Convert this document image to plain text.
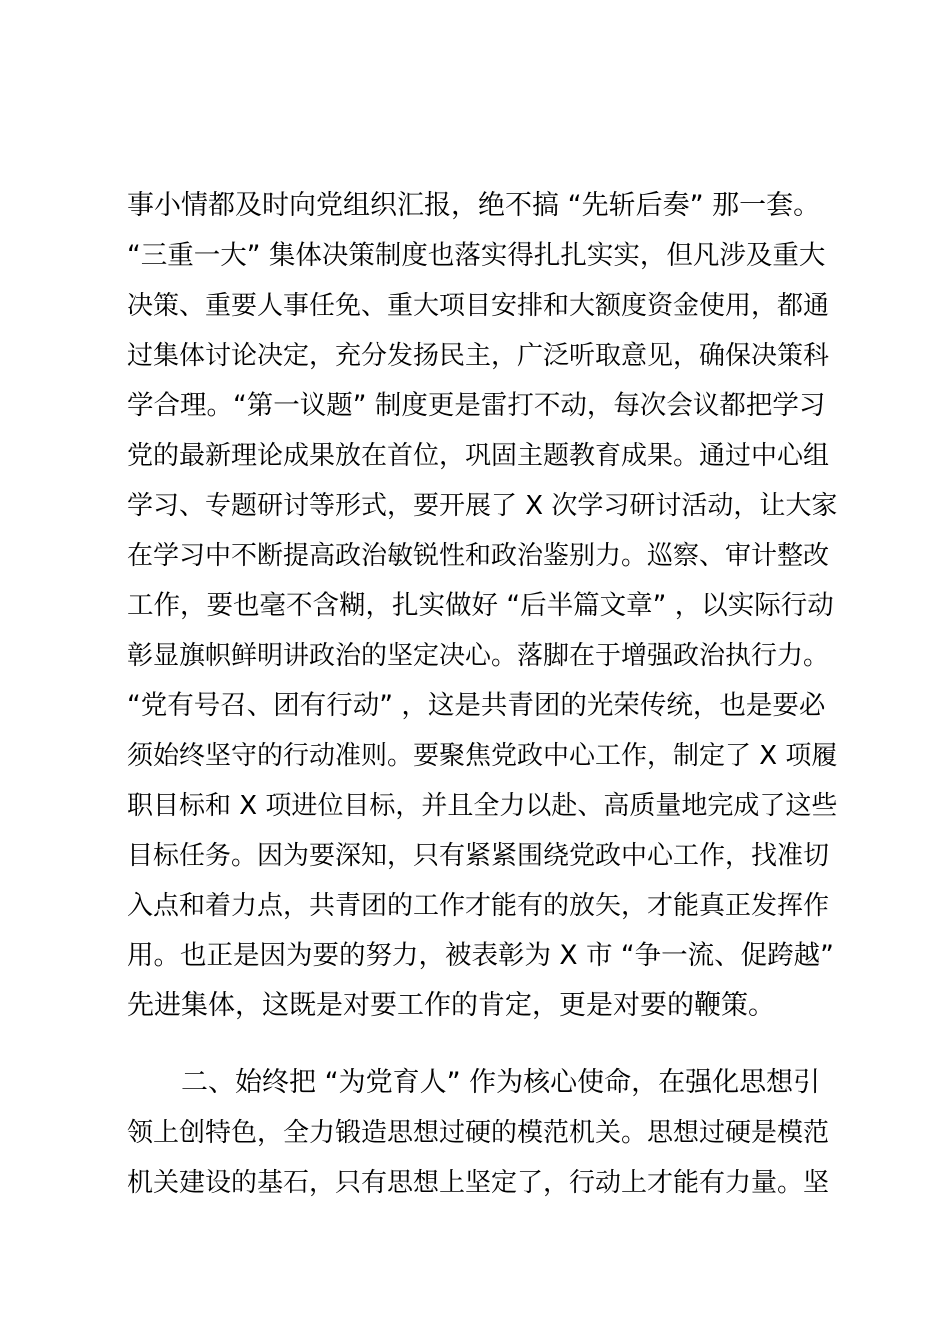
事小情都及时向党组织汇报，绝不搞 “先斩后奏” 那一套。
“三重一大” 集体决策制度也落实得扎扎实实，但凡涉及重大
决策、重要人事任免、重大项目安排和大额度资金使用，都通
过集体讨论决定，充分发扬民主，广泛听取意见，确保决策科
学合理。“第一议题” 制度更是雷打不动，每次会议都把学习
党的最新理论成果放在首位，巩固主题教育成果。通过中心组
学习、专题研讨等形式，要开展了 X 次学习研讨活动，让大家
在学习中不断提高政治敏锐性和政治鉴别力。巡察、审计整改
工作，要也毫不含糊，扎实做好 “后半篇文章” ，以实际行动
彰显旗帜鲜明讲政治的坚定决心。落脚在于增强政治执行力。
“党有号召、团有行动” ，这是共青团的光荣传统，也是要必
须始终坚守的行动准则。要聚焦党政中心工作，制定了 X 项履
职目标和 X 项进位目标，并且全力以赴、高质量地完成了这些
目标任务。因为要深知，只有紧紧围绕党政中心工作，找准切
入点和着力点，共青团的工作才能有的放矢，才能真正发挥作
用。也正是因为要的努力，被表彰为 X 市 “争一流、促跨越”
先进集体，这既是对要工作的肯定，更是对要的鞭策。
　　二、始终把 “为党育人” 作为核心使命，在强化思想引
领上创特色，全力锻造思想过硬的模范机关。思想过硬是模范
机关建设的基石，只有思想上坚定了，行动上才能有力量。坚
